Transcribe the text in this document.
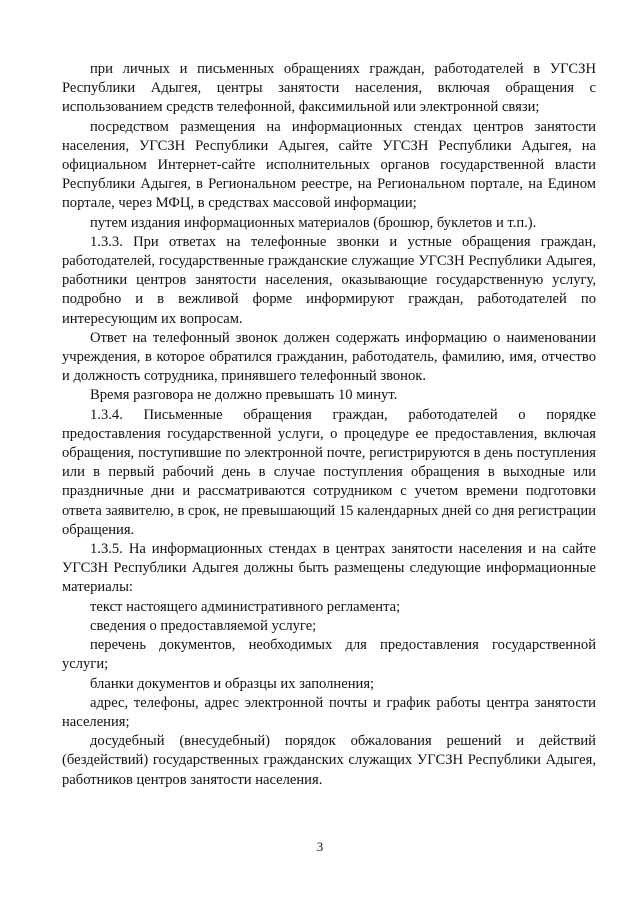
при личных и письменных обращениях граждан, работодателей в УГСЗН Республики Адыгея, центры занятости населения, включая обращения с использованием средств телефонной, факсимильной или электронной связи;

посредством размещения на информационных стендах центров занятости населения, УГСЗН Республики Адыгея, сайте УГСЗН Республики Адыгея, на официальном Интернет-сайте исполнительных органов государственной власти Республики Адыгея, в Региональном реестре, на Региональном портале, на Едином портале, через МФЦ, в средствах массовой информации;

путем издания информационных материалов (брошюр, буклетов и т.п.).

1.3.3. При ответах на телефонные звонки и устные обращения граждан, работодателей, государственные гражданские служащие УГСЗН Республики Адыгея, работники центров занятости населения, оказывающие государственную услугу, подробно и в вежливой форме информируют граждан, работодателей по интересующим их вопросам.

Ответ на телефонный звонок должен содержать информацию о наименовании учреждения, в которое обратился гражданин, работодатель, фамилию, имя, отчество и должность сотрудника, принявшего телефонный звонок.

Время разговора не должно превышать 10 минут.

1.3.4. Письменные обращения граждан, работодателей о порядке предоставления государственной услуги, о процедуре ее предоставления, включая обращения, поступившие по электронной почте, регистрируются в день поступления или в первый рабочий день в случае поступления обращения в выходные или праздничные дни и рассматриваются сотрудником с учетом времени подготовки ответа заявителю, в срок, не превышающий 15 календарных дней со дня регистрации обращения.

1.3.5. На информационных стендах в центрах занятости населения и на сайте УГСЗН Республики Адыгея должны быть размещены следующие информационные материалы:

текст настоящего административного регламента;

сведения о предоставляемой услуге;

перечень документов, необходимых для предоставления государственной услуги;

бланки документов и образцы их заполнения;

адрес, телефоны, адрес электронной почты и график работы центра занятости населения;

досудебный (внесудебный) порядок обжалования решений и действий (бездействий) государственных гражданских служащих УГСЗН Республики Адыгея, работников центров занятости населения.

3
